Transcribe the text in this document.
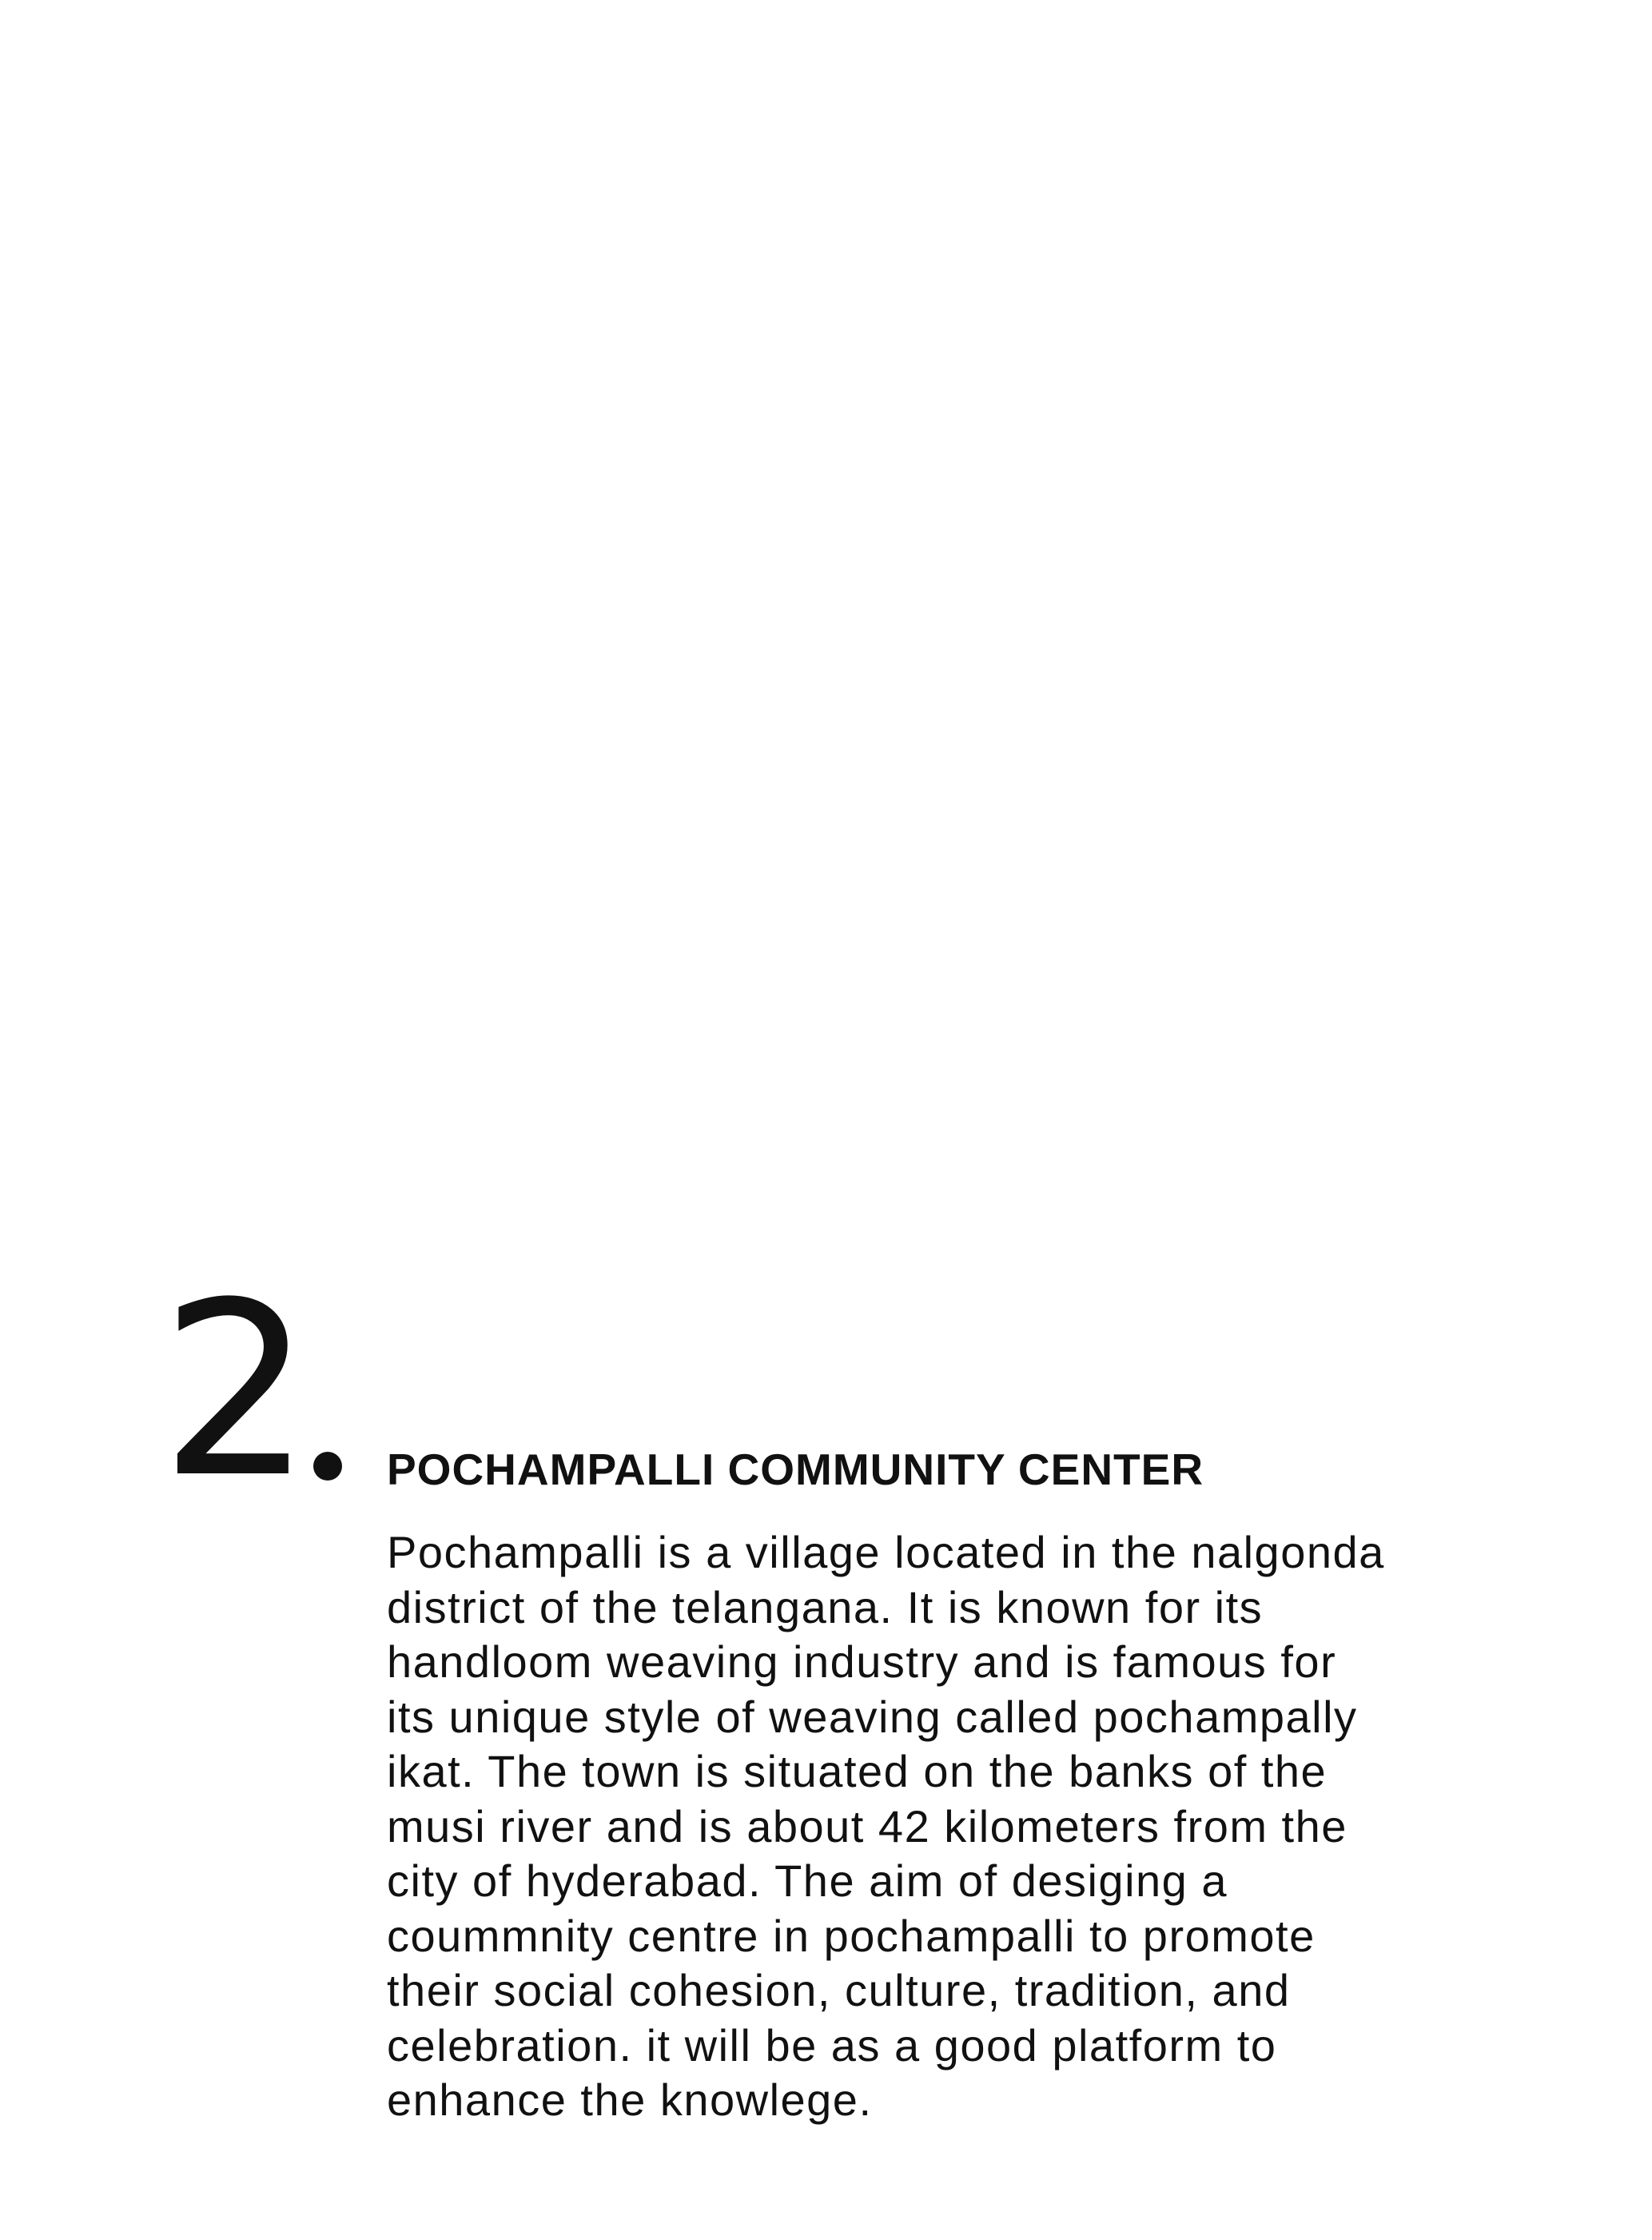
2 POCHAMPALLI COMMUNITY CENTER

Pochampalli is a village located in the nalgonda
district of the telangana. It is known for its
handloom weaving industry and is famous for
its unique style of weaving called pochampally
ikat. The town is situated on the banks of the
musi river and is about 42 kilometers from the
city of hyderabad. The aim of desiging a
coummnity centre in pochampalli to promote
their social cohesion, culture, tradition, and
celebration. it will be as a good platform to
enhance the knowlege.
